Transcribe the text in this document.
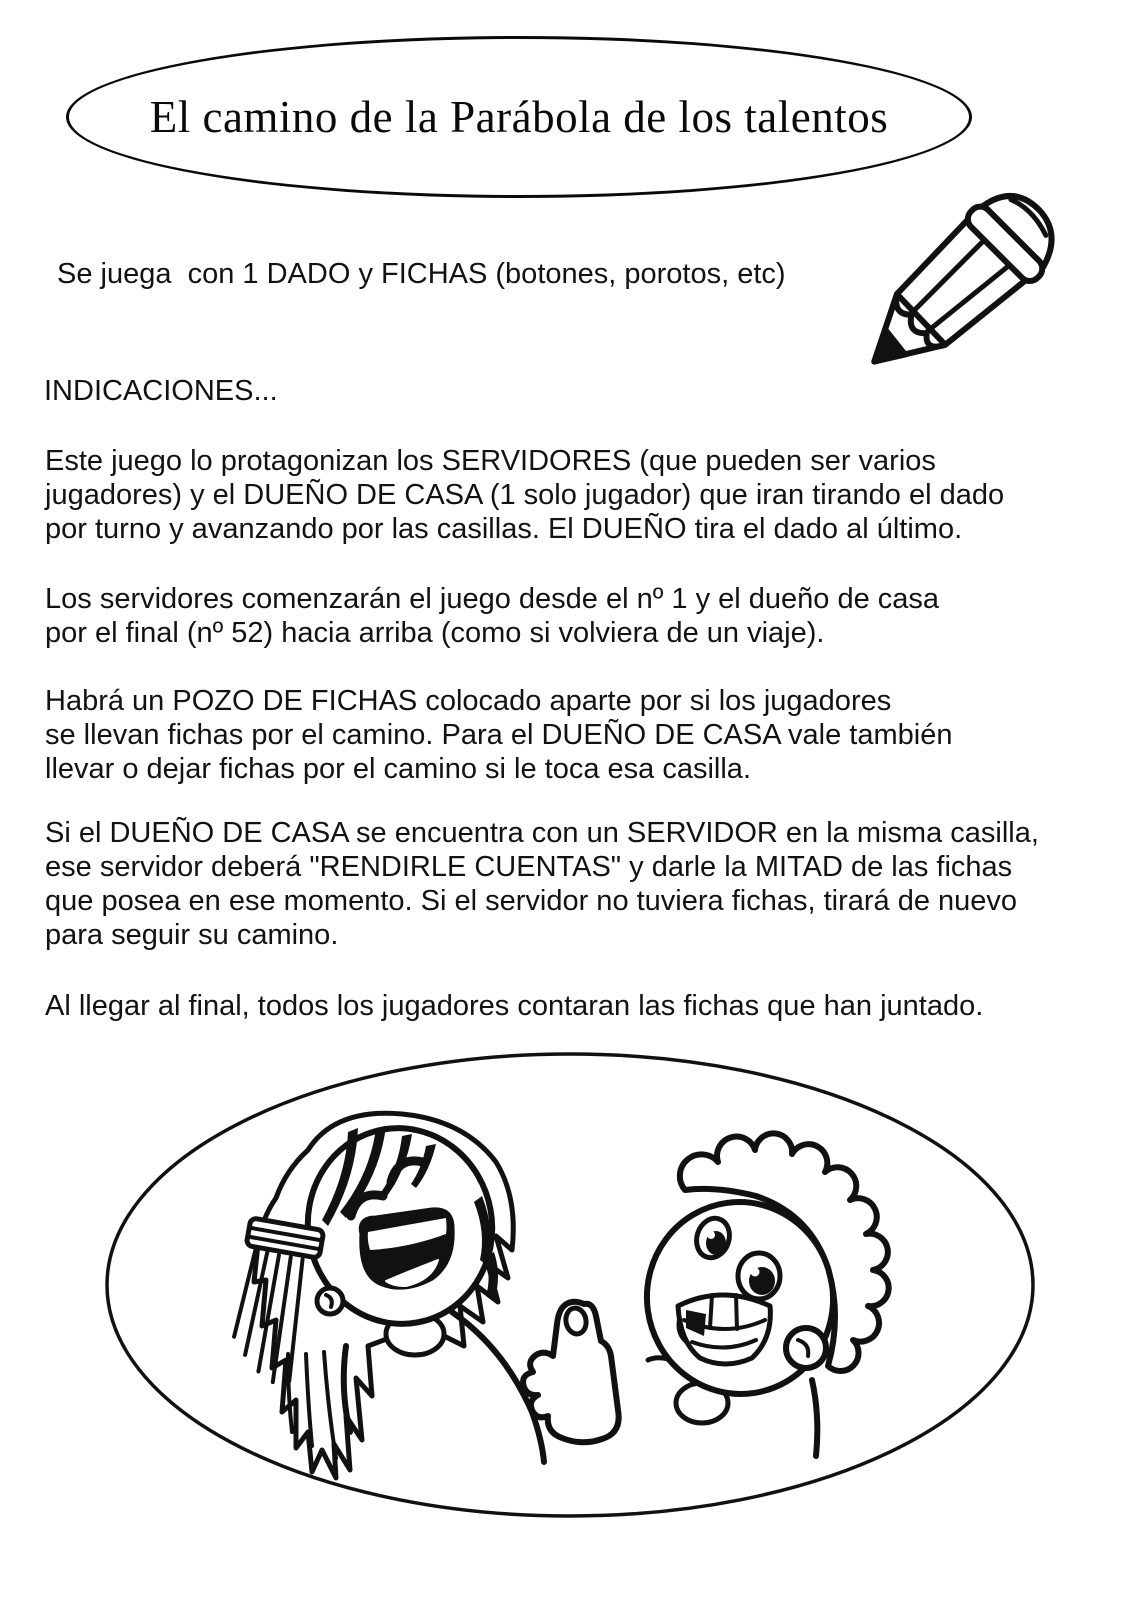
El camino de la Parábola de los talentos
Se juega  con 1 DADO y FICHAS (botones, porotos, etc)
INDICACIONES...
Este juego lo protagonizan los SERVIDORES (que pueden ser varios
jugadores) y el DUEÑO DE CASA (1 solo jugador) que iran tirando el dado
por turno y avanzando por las casillas. El DUEÑO tira el dado al último.
Los servidores comenzarán el juego desde el nº 1 y el dueño de casa
por el final (nº 52) hacia arriba (como si volviera de un viaje).
Habrá un POZO DE FICHAS colocado aparte por si los jugadores
se llevan fichas por el camino. Para el DUEÑO DE CASA vale también
llevar o dejar fichas por el camino si le toca esa casilla.
Si el DUEÑO DE CASA se encuentra con un SERVIDOR en la misma casilla,
ese servidor deberá "RENDIRLE CUENTAS" y darle la MITAD de las fichas
que posea en ese momento. Si el servidor no tuviera fichas, tirará de nuevo
para seguir su camino.
Al llegar al final, todos los jugadores contaran las fichas que han juntado.
